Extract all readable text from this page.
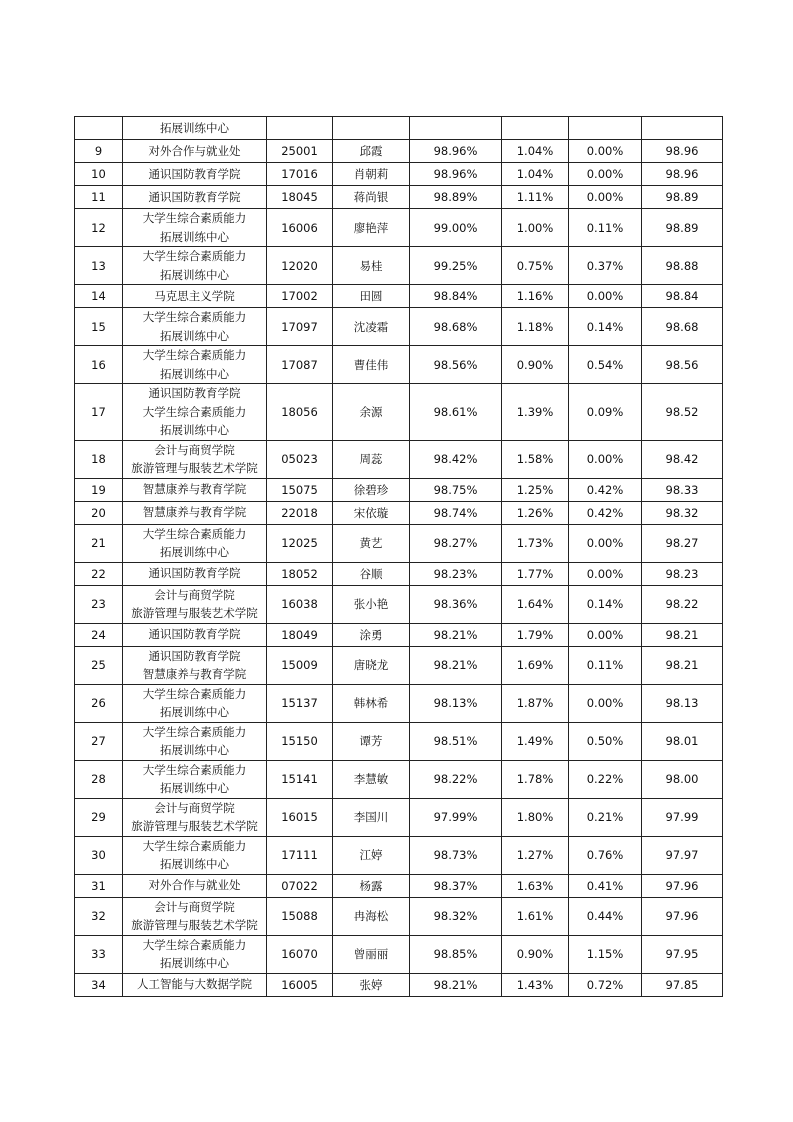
	拓展训练中心						

9	对外合作与就业处	25001	邱霞	98.96%	1.04%	0.00%	98.96
10	通识国防教育学院	17016	肖朝莉	98.96%	1.04%	0.00%	98.96
11	通识国防教育学院	18045	蒋尚银	98.89%	1.11%	0.00%	98.89
12	大学生综合素质能力
拓展训练中心	16006	廖艳萍	99.00%	1.00%	0.11%	98.89
13	大学生综合素质能力
拓展训练中心	12020	易桂	99.25%	0.75%	0.37%	98.88
14	马克思主义学院	17002	田圆	98.84%	1.16%	0.00%	98.84
15	大学生综合素质能力
拓展训练中心	17097	沈凌霜	98.68%	1.18%	0.14%	98.68
16	大学生综合素质能力
拓展训练中心	17087	曹佳伟	98.56%	0.90%	0.54%	98.56
17	通识国防教育学院
大学生综合素质能力
拓展训练中心	18056	余源	98.61%	1.39%	0.09%	98.52
18	会计与商贸学院
旅游管理与服装艺术学院	05023	周蕊	98.42%	1.58%	0.00%	98.42
19	智慧康养与教育学院	15075	徐碧珍	98.75%	1.25%	0.42%	98.33
20	智慧康养与教育学院	22018	宋依璇	98.74%	1.26%	0.42%	98.32
21	大学生综合素质能力
拓展训练中心	12025	黄艺	98.27%	1.73%	0.00%	98.27
22	通识国防教育学院	18052	谷顺	98.23%	1.77%	0.00%	98.23
23	会计与商贸学院
旅游管理与服装艺术学院	16038	张小艳	98.36%	1.64%	0.14%	98.22
24	通识国防教育学院	18049	涂勇	98.21%	1.79%	0.00%	98.21
25	通识国防教育学院
智慧康养与教育学院	15009	唐晓龙	98.21%	1.69%	0.11%	98.21
26	大学生综合素质能力
拓展训练中心	15137	韩林希	98.13%	1.87%	0.00%	98.13
27	大学生综合素质能力
拓展训练中心	15150	谭芳	98.51%	1.49%	0.50%	98.01
28	大学生综合素质能力
拓展训练中心	15141	李慧敏	98.22%	1.78%	0.22%	98.00
29	会计与商贸学院
旅游管理与服装艺术学院	16015	李国川	97.99%	1.80%	0.21%	97.99
30	大学生综合素质能力
拓展训练中心	17111	江婷	98.73%	1.27%	0.76%	97.97
31	对外合作与就业处	07022	杨露	98.37%	1.63%	0.41%	97.96
32	会计与商贸学院
旅游管理与服装艺术学院	15088	冉海松	98.32%	1.61%	0.44%	97.96
33	大学生综合素质能力
拓展训练中心	16070	曾丽丽	98.85%	0.90%	1.15%	97.95
34	人工智能与大数据学院	16005	张婷	98.21%	1.43%	0.72%	97.85
